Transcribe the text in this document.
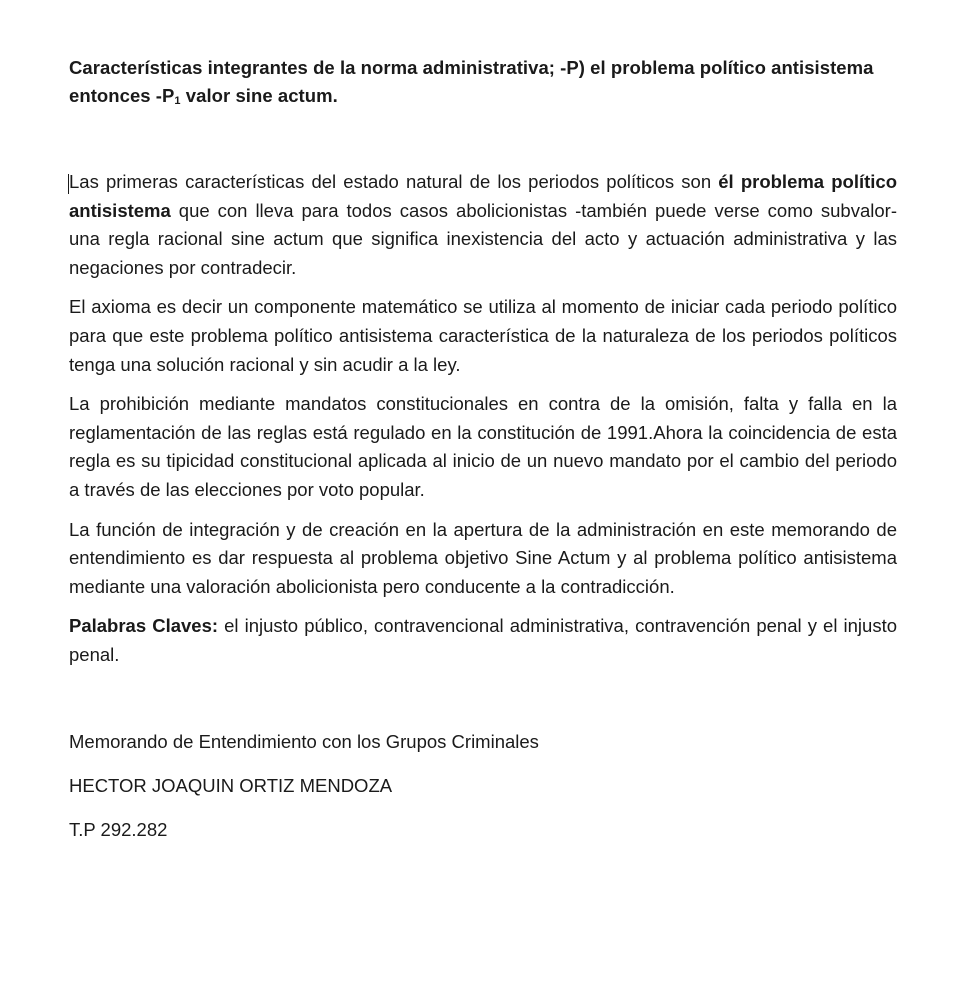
Características integrantes de la norma administrativa; -P) el problema político antisistema entonces $-P_1$ valor sine actum.

Las primeras características del estado natural de los periodos políticos son él problema político antisistema que con lleva para todos casos abolicionistas -también puede verse como subvalor- una regla racional sine actum que significa inexistencia del acto y actuación administrativa y las negaciones por contradecir.

El axioma es decir un componente matemático se utiliza al momento de iniciar cada periodo político para que este problema político antisistema característica de la naturaleza de los periodos políticos tenga una solución racional y sin acudir a la ley.

La prohibición mediante mandatos constitucionales en contra de la omisión, falta y falla en la reglamentación de las reglas está regulado en la constitución de 1991.Ahora la coincidencia de esta regla es su tipicidad constitucional aplicada al inicio de un nuevo mandato por el cambio del periodo a través de las elecciones por voto popular.

La función de integración y de creación en la apertura de la administración en este memorando de entendimiento es dar respuesta al problema objetivo Sine Actum y al problema político antisistema mediante una valoración abolicionista pero conducente a la contradicción.

Palabras Claves: el injusto público, contravencional administrativa, contravención penal y el injusto penal.

Memorando de Entendimiento con los Grupos Criminales

HECTOR JOAQUIN ORTIZ MENDOZA

T.P 292.282
